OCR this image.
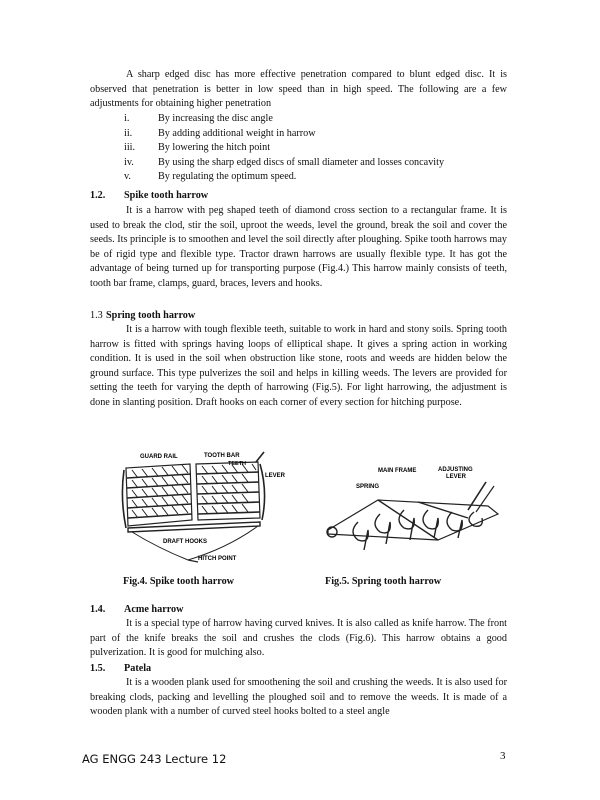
A sharp edged disc has more effective penetration compared to blunt edged disc. It is observed that penetration is better in low speed than in high speed. The following are a few adjustments for obtaining higher penetration
i.	By increasing the disc angle
ii.	By adding additional weight in harrow
iii.	By lowering the hitch point
iv.	By using the sharp edged discs of small diameter and losses concavity
v.	By regulating the optimum speed.
1.2. Spike tooth harrow
It is a harrow with peg shaped teeth of diamond cross section to a rectangular frame. It is used to break the clod, stir the soil, uproot the weeds, level the ground, break the soil and cover the seeds. Its principle is to smoothen and level the soil directly after ploughing. Spike tooth harrows may be of rigid type and flexible type. Tractor drawn harrows are usually flexible type. It has got the advantage of being turned up for transporting purpose (Fig.4.) This harrow mainly consists of teeth, tooth bar frame, clamps, guard, braces, levers and hooks.
1.3 Spring tooth harrow
It is a harrow with tough flexible teeth, suitable to work in hard and stony soils. Spring tooth harrow is fitted with springs having loops of elliptical shape. It gives a spring action in working condition. It is used in the soil when obstruction like stone, roots and weeds are hidden below the ground surface. This type pulverizes the soil and helps in killing weeds. The levers are provided for setting the teeth for varying the depth of harrowing (Fig.5). For light harrowing, the adjustment is done in slanting position. Draft hooks on each corner of every section for hitching purpose.
GUARD RAIL	TOOTH BAR
TEETH
LEVER
DRAFT HOOKS
HITCH POINT
MAIN FRAME
SPRING
ADJUSTING
LEVER
Fig.4. Spike tooth harrow	Fig.5. Spring tooth harrow
1.4. Acme harrow
It is a special type of harrow having curved knives. It is also called as knife harrow. The front part of the knife breaks the soil and crushes the clods (Fig.6). This harrow obtains a good pulverization. It is good for mulching also.
1.5. Patela
It is a wooden plank used for smoothening the soil and crushing the weeds. It is also used for breaking clods, packing and levelling the ploughed soil and to remove the weeds. It is made of a wooden plank with a number of curved steel hooks bolted to a steel angle
AG ENGG 243 Lecture 12	3
